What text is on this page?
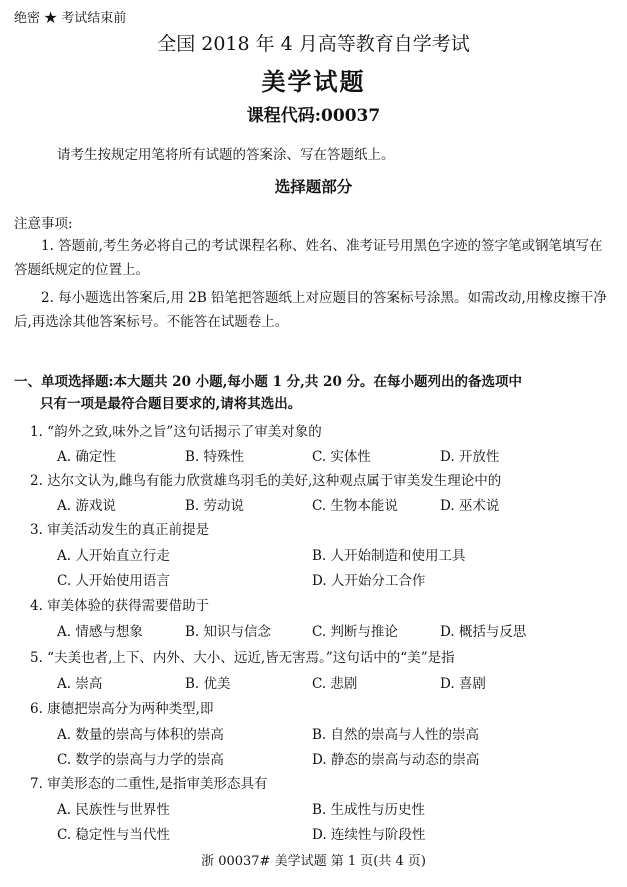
绝密 ★ 考试结束前
全国 2018 年 4 月高等教育自学考试
美学试题
课程代码:00037
请考生按规定用笔将所有试题的答案涂、写在答题纸上。
选择题部分
注意事项:
1. 答题前,考生务必将自己的考试课程名称、姓名、准考证号用黑色字迹的签字笔或钢笔填写在答题纸规定的位置上。
2. 每小题选出答案后,用 2B 铅笔把答题纸上对应题目的答案标号涂黑。如需改动,用橡皮擦干净后,再选涂其他答案标号。不能答在试题卷上。
一、单项选择题:本大题共 20 小题,每小题 1 分,共 20 分。在每小题列出的备选项中
只有一项是最符合题目要求的,请将其选出。
1. “韵外之致,味外之旨”这句话揭示了审美对象的
A. 确定性	B. 特殊性	C. 实体性	D. 开放性
2. 达尔文认为,雌鸟有能力欣赏雄鸟羽毛的美好,这种观点属于审美发生理论中的
A. 游戏说	B. 劳动说	C. 生物本能说	D. 巫术说
3. 审美活动发生的真正前提是
A. 人开始直立行走	B. 人开始制造和使用工具
C. 人开始使用语言	D. 人开始分工合作
4. 审美体验的获得需要借助于
A. 情感与想象	B. 知识与信念	C. 判断与推论	D. 概括与反思
5. “夫美也者,上下、内外、大小、远近,皆无害焉。”这句话中的“美”是指
A. 崇高	B. 优美	C. 悲剧	D. 喜剧
6. 康德把崇高分为两种类型,即
A. 数量的崇高与体积的崇高	B. 自然的崇高与人性的崇高
C. 数学的崇高与力学的崇高	D. 静态的崇高与动态的崇高
7. 审美形态的二重性,是指审美形态具有
A. 民族性与世界性	B. 生成性与历史性
C. 稳定性与当代性	D. 连续性与阶段性
浙 00037# 美学试题 第 1 页(共 4 页)
